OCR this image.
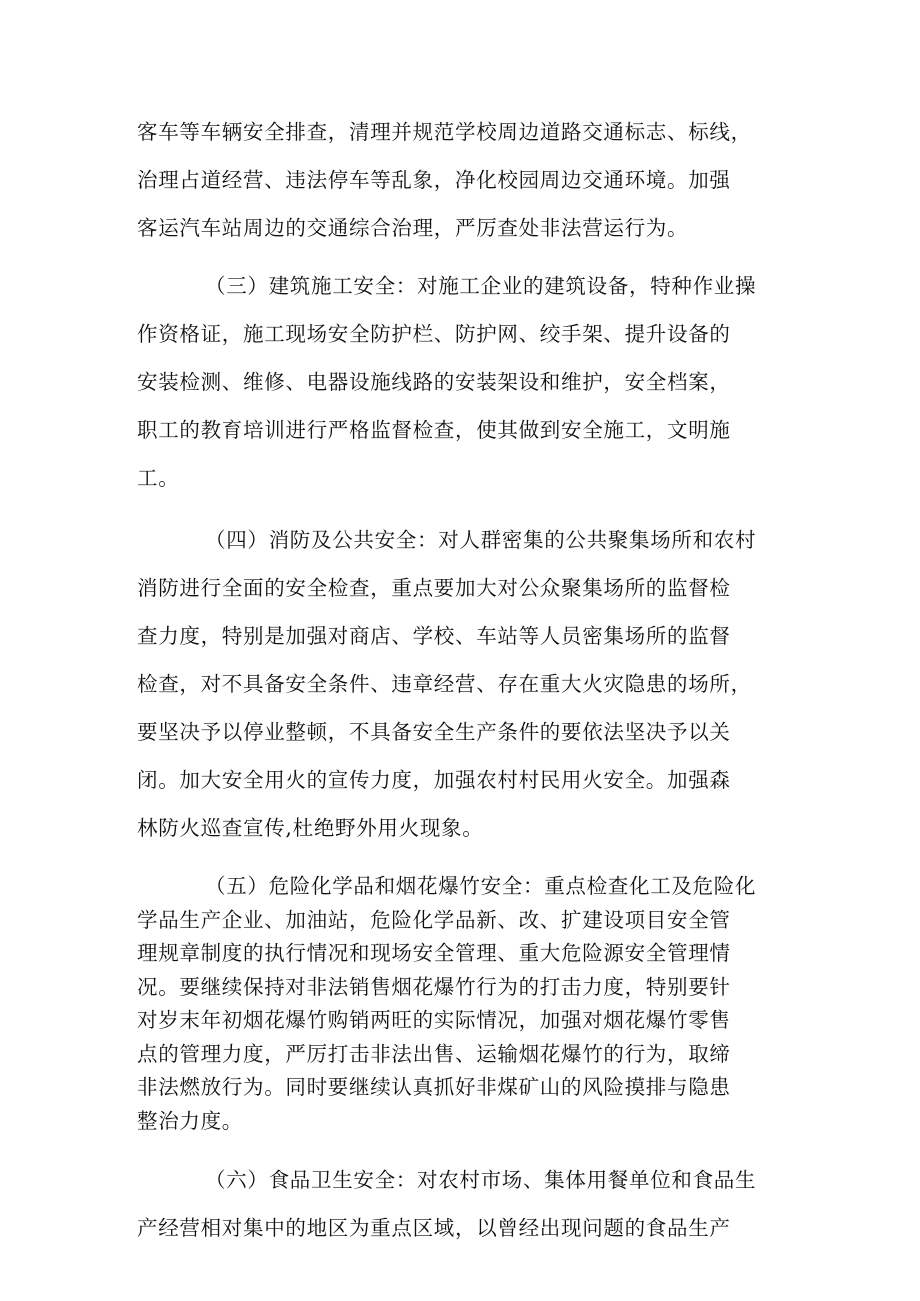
客车等车辆安全排查，清理并规范学校周边道路交通标志、标线，
治理占道经营、违法停车等乱象，净化校园周边交通环境。加强
客运汽车站周边的交通综合治理，严厉查处非法营运行为。

（三）建筑施工安全：对施工企业的建筑设备，特种作业操
作资格证，施工现场安全防护栏、防护网、绞手架、提升设备的
安装检测、维修、电器设施线路的安装架设和维护，安全档案，
职工的教育培训进行严格监督检查，使其做到安全施工，文明施
工。

（四）消防及公共安全：对人群密集的公共聚集场所和农村
消防进行全面的安全检查，重点要加大对公众聚集场所的监督检
查力度，特别是加强对商店、学校、车站等人员密集场所的监督
检查，对不具备安全条件、违章经营、存在重大火灾隐患的场所，
要坚决予以停业整顿，不具备安全生产条件的要依法坚决予以关
闭。加大安全用火的宣传力度，加强农村村民用火安全。加强森
林防火巡查宣传,杜绝野外用火现象。

（五）危险化学品和烟花爆竹安全：重点检查化工及危险化
学品生产企业、加油站，危险化学品新、改、扩建设项目安全管
理规章制度的执行情况和现场安全管理、重大危险源安全管理情
况。要继续保持对非法销售烟花爆竹行为的打击力度，特别要针
对岁末年初烟花爆竹购销两旺的实际情况，加强对烟花爆竹零售
点的管理力度，严厉打击非法出售、运输烟花爆竹的行为，取缔
非法燃放行为。同时要继续认真抓好非煤矿山的风险摸排与隐患
整治力度。

（六）食品卫生安全：对农村市场、集体用餐单位和食品生
产经营相对集中的地区为重点区域，以曾经出现问题的食品生产
